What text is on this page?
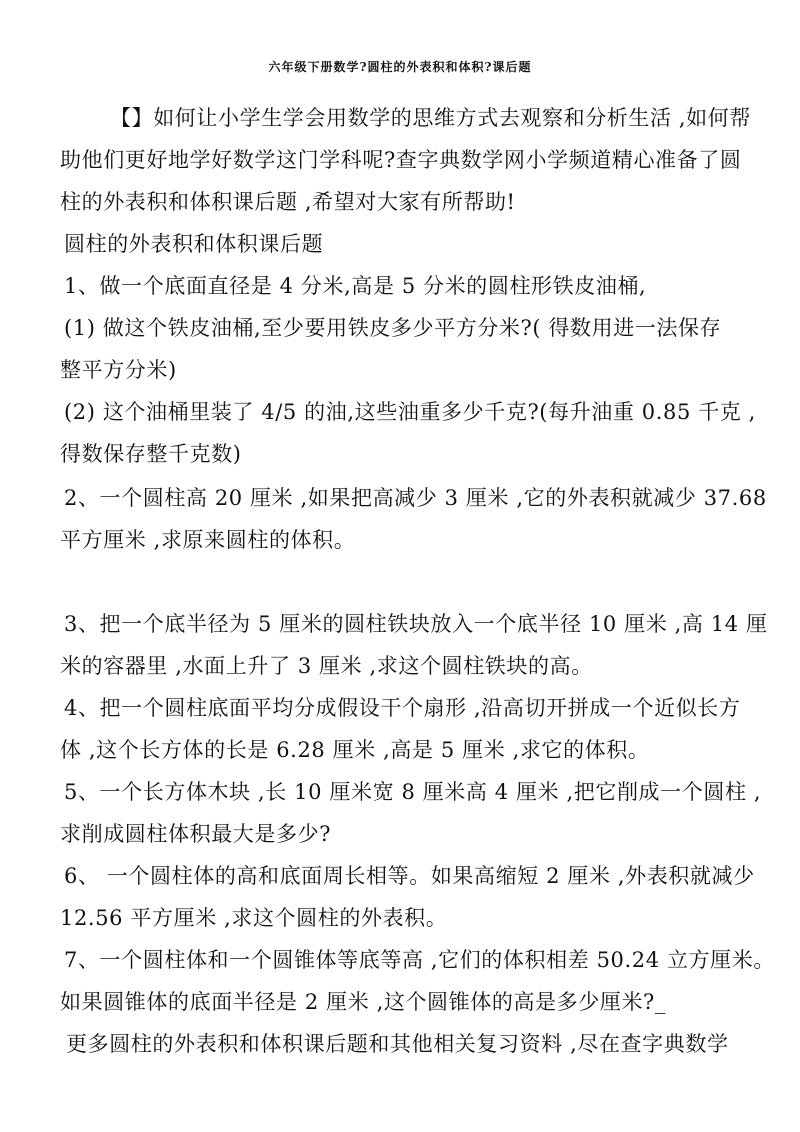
六年级下册数学?圆柱的外表积和体积?课后题
【】如何让小学生学会用数学的思维方式去观察和分析生活 ,如何帮
助他们更好地学好数学这门学科呢?查字典数学网小学频道精心准备了圆
柱的外表积和体积课后题 ,希望对大家有所帮助!
圆柱的外表积和体积课后题
1、做一个底面直径是 4 分米,高是 5 分米的圆柱形铁皮油桶,
(1) 做这个铁皮油桶,至少要用铁皮多少平方分米?( 得数用进一法保存
整平方分米)
(2) 这个油桶里装了 4/5 的油,这些油重多少千克?(每升油重 0.85 千克 ,
得数保存整千克数)
2、一个圆柱高 20 厘米 ,如果把高减少 3 厘米 ,它的外表积就减少 37.68
平方厘米 ,求原来圆柱的体积。
3、把一个底半径为 5 厘米的圆柱铁块放入一个底半径 10 厘米 ,高 14 厘
米的容器里 ,水面上升了 3 厘米 ,求这个圆柱铁块的高。
4、把一个圆柱底面平均分成假设干个扇形 ,沿高切开拼成一个近似长方
体 ,这个长方体的长是 6.28 厘米 ,高是 5 厘米 ,求它的体积。
5、一个长方体木块 ,长 10 厘米宽 8 厘米高 4 厘米 ,把它削成一个圆柱 ,
求削成圆柱体积最大是多少?
6、 一个圆柱体的高和底面周长相等。如果高缩短 2 厘米 ,外表积就减少
12.56 平方厘米 ,求这个圆柱的外表积。
7、一个圆柱体和一个圆锥体等底等高 ,它们的体积相差 50.24 立方厘米。
如果圆锥体的底面半径是 2 厘米 ,这个圆锥体的高是多少厘米?_
更多圆柱的外表积和体积课后题和其他相关复习资料 ,尽在查字典数学
